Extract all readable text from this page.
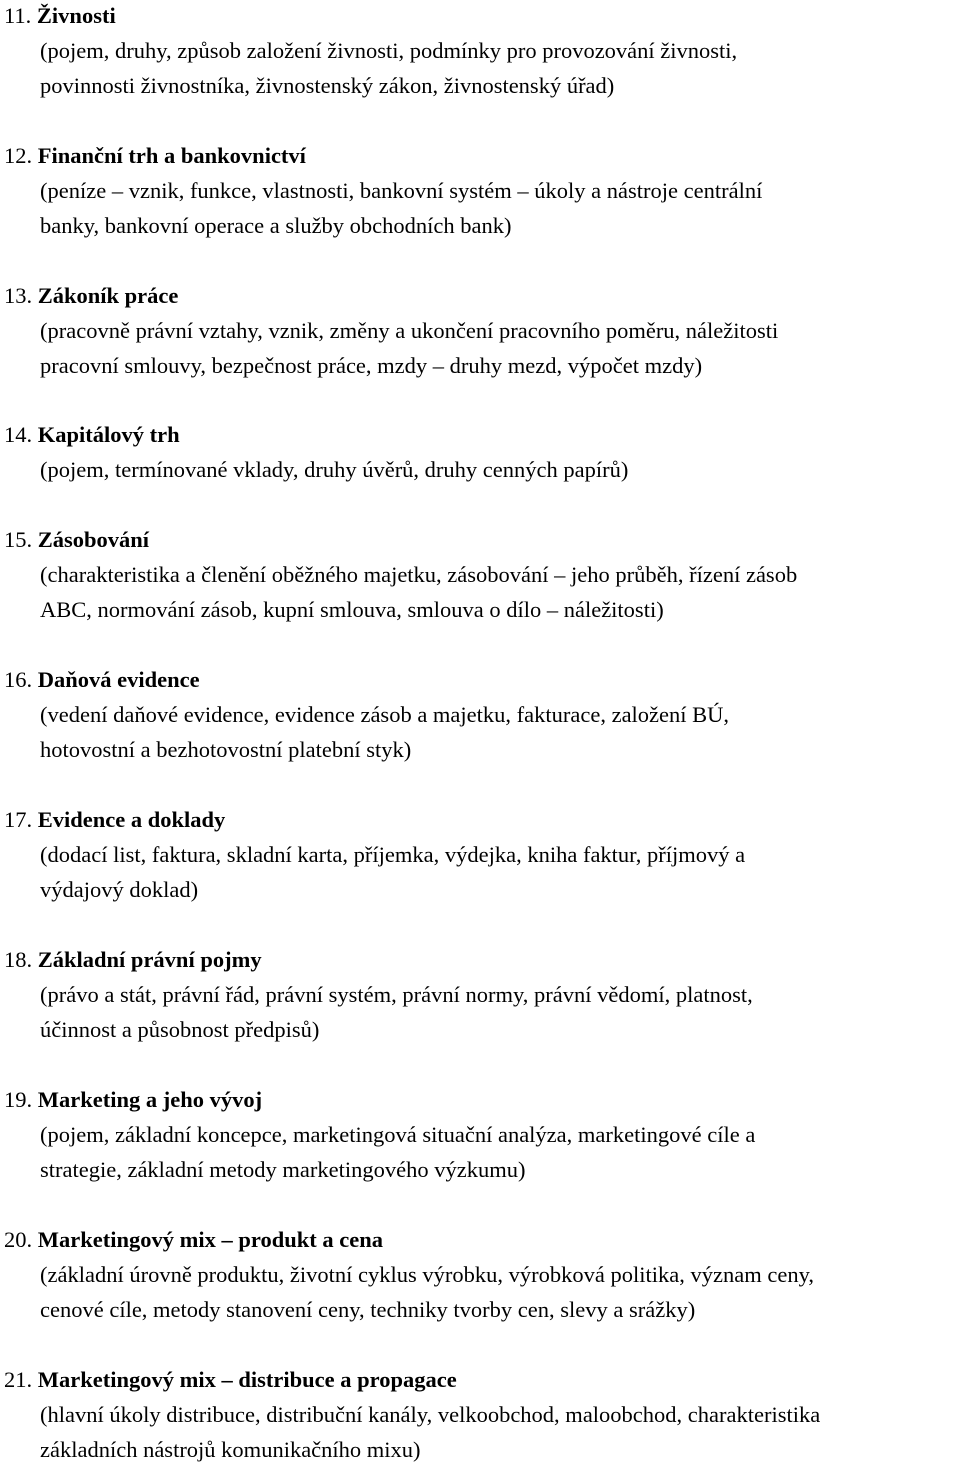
11. Živnosti
(pojem, druhy, způsob založení živnosti, podmínky pro provozování živnosti,
povinnosti živnostníka, živnostenský zákon, živnostenský úřad)
12. Finanční trh a bankovnictví
(peníze – vznik, funkce, vlastnosti, bankovní systém – úkoly a nástroje centrální
banky, bankovní operace a služby obchodních bank)
13. Zákoník práce
(pracovně právní vztahy, vznik, změny a ukončení pracovního poměru, náležitosti
pracovní smlouvy, bezpečnost práce, mzdy – druhy mezd, výpočet mzdy)
14. Kapitálový trh
(pojem, termínované vklady, druhy úvěrů, druhy cenných papírů)
15. Zásobování
(charakteristika a členění oběžného majetku, zásobování – jeho průběh, řízení zásob
ABC, normování zásob, kupní smlouva, smlouva o dílo – náležitosti)
16. Daňová evidence
(vedení daňové evidence, evidence zásob a majetku, fakturace, založení BÚ,
hotovostní a bezhotovostní platební styk)
17. Evidence a doklady
(dodací list, faktura, skladní karta, příjemka, výdejka, kniha faktur, příjmový a
výdajový doklad)
18. Základní právní pojmy
(právo a stát, právní řád, právní systém, právní normy, právní vědomí, platnost,
účinnost a působnost předpisů)
19. Marketing a jeho vývoj
(pojem, základní koncepce, marketingová situační analýza, marketingové cíle a
strategie, základní metody marketingového výzkumu)
20. Marketingový mix – produkt a cena
(základní úrovně produktu, životní cyklus výrobku, výrobková politika, význam ceny,
cenové cíle, metody stanovení ceny, techniky tvorby cen, slevy a srážky)
21. Marketingový mix – distribuce a propagace
(hlavní úkoly distribuce, distribuční kanály, velkoobchod, maloobchod, charakteristika
základních nástrojů komunikačního mixu)
